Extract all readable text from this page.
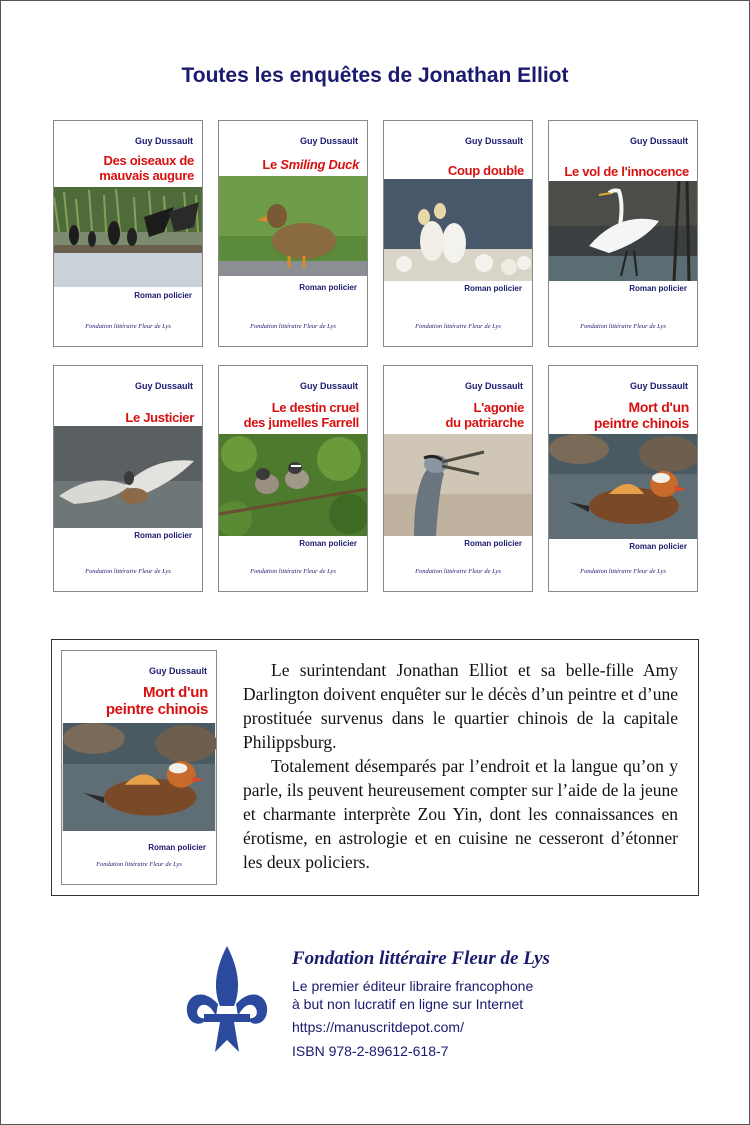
Toutes les enquêtes de Jonathan Elliot
Guy Dussault
Des oiseaux de
mauvais augure
Roman policier
Fondation littéraire Fleur de Lys
Guy Dussault
Le Smiling Duck
Roman policier
Fondation littéraire Fleur de Lys
Guy Dussault
Coup double
Roman policier
Fondation littéraire Fleur de Lys
Guy Dussault
Le vol de l'innocence
Roman policier
Fondation littéraire Fleur de Lys
Guy Dussault
Le Justicier
Roman policier
Fondation littéraire Fleur de Lys
Guy Dussault
Le destin cruel
des jumelles Farrell
Roman policier
Fondation littéraire Fleur de Lys
Guy Dussault
L'agonie
du patriarche
Roman policier
Fondation littéraire Fleur de Lys
Guy Dussault
Mort d'un
peintre chinois
Roman policier
Fondation littéraire Fleur de Lys
Guy Dussault
Mort d'un
peintre chinois
Roman policier
Fondation littéraire Fleur de Lys

Le surintendant Jonathan Elliot et sa belle-fille Amy Darlington doivent enquêter sur le décès d’un peintre et d’une prostituée survenus dans le quartier chinois de la capitale Philippsburg.

Totalement désemparés par l’endroit et la langue qu’on y parle, ils peuvent heureusement compter sur l’aide de la jeune et charmante interprète Zou Yin, dont les connaissances en érotisme, en astrologie et en cuisine ne cesseront d’étonner les deux policiers.

Fondation littéraire Fleur de Lys
Le premier éditeur libraire francophone
à but non lucratif en ligne sur Internet
https://manuscritdepot.com/
ISBN 978-2-89612-618-7
